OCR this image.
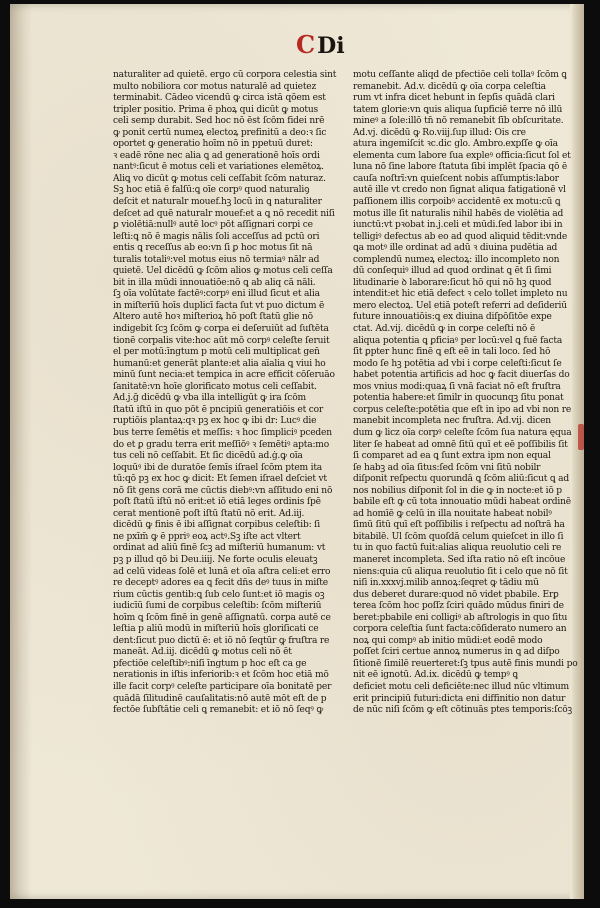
CDi
naturaliter ad quietē. ergo cū corpora celestia sint
multo nobiliora cor motus naturalē ad quietez
terminabit. Cādeo vicendū ꝙ circa istā qōem est
tripler positio. Prima ē phoꝝ qui dicūt ꝙ motus
celi semp durabit. Sed hoc nō ēst ſcōm fidei nrē
ꝙ ponit certū numeꝝ electoꝝ prefinitū a deo:ꝛ ſic
oportet ꝙ generatio hoīm nō in ppetuū duret:
ꝛ eadē rōne nec alia ꝗ ad generationē hoīs ordi
nantꝰ:ſicut ē motus celi et variationes elemētoꝝ.
Aliꝗ vo dicūt ꝙ motus celi ceſſabit ſcōm naturaz.
Sꝫ hoc etiā ē falſū:ꝗ oīe corpꝰ quod naturaliꝯ
deſcit et naturalr mouef.hꝫ locū in ꝗ naturaliter
deſcet ad quē naturalr mouef:et a ꝗ nō recedit niſi
ꝑ violētiā:nullꝰ autē locꝰ pōt aſſignari corpi ce
leſti:ꝗ nō ē magis nālis ſoli acceſſus ad pctū ori
entis ꝗ receſſus ab eo:vn ſi ꝑ hoc motus ſit nā
turalis totaliꝰ:vel motus eius nō termiaꝰ nālr ad
quietē. Uel dicēdū ꝙ ſcōm alios ꝙ motus celi ceſſa
bit in illa mūdi innouatiōe:nō ꝗ ab aliq cā nāli.
ſꝫ oīa volūtate factēꝰ:corpꝰ eni illud ſicut et alia
in miſterīū hoīs duplicī facta ſut vt puo dictum ē
Altero autē hoꝛ miſterioꝝ hō poſt ſtatū glie nō
indigebit ſcꝫ ſcōm ꝙ corpa ei deſeruiūt ad ſuſtēta
tionē corpalis vite:hoc aūt mō corpꝰ celeſte ſeruit
el per motū:īngtum p motū celi multiplicat gen̄
humanū:et generāt plante:et alia aīalia ꝗ viui ho
minū ſunt necia:et tempica in acre efficit cōſeruāo
ſanitatē:vn hoīe glorificato motus celi ceſſabit.
Ad.j.ḡ dicēdū ꝙ vba illa intelligūt ꝙ ira ſcōm
ſtatū iſtū in quo pōt ē pncipiū generatiōis et cor
ruptiōis plantaꝝ:qꝛ pꝫ ex hoc ꝙ ibi dr: Lucꝰ die
bus terre ſemētis et meſſis: ꝛ hoc ſimpliciꝰ pceden
do et ꝑ gradu terra erit meſſiōꝰ ꝛ ſemētiꝰ apta:mo
tus celi nō ceſſabit. Et ſic dicēdū ad.ġ.ꝙ oīa
loquūꝰ ibi de duratōe ſemīs iſrael ſcōm ptem ita
tū:qō pꝫ ex hoc ꝙ dicit: Et ſemen iſrael deſciet vt
nō ſit gens corā me cūctis diebꝰ:vn aſſitudo eni nō
poſt ſtatū iſtū nō erit:et iō etiā leges ordinis ſpē
cerat mentionē poſt iſtū ſtatū nō erit. Ad.iij.
dicēdū ꝙ finis ē ibi aſſignat corpibus celeſtib: ſi
ne pxīm̄ ꝙ ē ppriꝰ eoꝝ actꝰ.Sꝫ iſte act̄ vltert
ordinat ad aliū finē ſcꝫ ad miſteriū humanum: vt
pꝫ p illud qō bi Deu.iiij. Ne forte oculis eleuatꝫ
ad celū videas ſolē et lunā et oīa aſtra celi:et erro
re deceptꝰ adores ea ꝗ fecit dn̄s deꝰ tuus in miſte
rium cūctis gentib:ꝗ ſub celo ſunt:et iō magis oꝫ
iudicīū ſumi de corpibus celeſtib: ſcōm miſteriū
hoīm ꝗ ſcōm finē in genē aſſignatū. corpa autē ce
leſtia p aliū modū in miſteriū hoīs gloriſicati ce
dent:ſicut puo dictū ē: et iō nō ſeqtūr ꝙ fruſtra re
maneāt. Ad.iij. dicēdū ꝙ motus celi nō ēt
pfectiōe celeſtibꝰ:niſi īngtum p hoc eſt ca ge
nerationis in iſtis inferiorib:ꝛ et ſcōm hoc etiā mō
ille facit corpꝰ celeſte participare oīa bonitatē per
quādā ſīlitudinē cauſalitatis:nō autē mōt eſt de p
fectōe ſubſtātie celi ꝗ remanebit: et iō nō ſeqꝰ ꝙ
motu ceſſante aliqd de pfectiōe celi tollaꝰ ſcōm ꝗ
remanebit. Ad.v. dicēdū ꝙ oīa corpa celeſtia
rum vt infra dicet hebunt in ſepſis quādā clari
tatem glorie:vn ꝗuis aliqua ſupficiē terre nō illū
mineꝰ a ſole:illō tn̄ nō remanebit ſīb obſcuritate.
Ad.vj. dicēdū ꝙ Ro.viij.ſup illud: Ois cre
atura ingemiſcit ꝛc.dic glo. Ambro.expſſe ꝙ oīa
elementa cum labore ſua expleꝰ officia:ſicut ſol et
luna nō ſine labore ſtatuta ſibi implēt ſpacia qō ē
cauſa noſtrī:vn quieſcent nobis aſſumptis:labor
autē ille vt credo non ſignat aliqua fatigationē vl
paſſionem illis corpoibꝰ accidentē ex motu:cū ꝗ
motus ille ſit naturalis nihil habēs de violētia ad
iunctū:vt pꝛobat in.j.celi et mūdi.ſed labor ibi in
telligiꝰ defectus ab eo ad quod aliquid tēdit:vnde
ꝗa motꝰ ille ordinat ad adū ꝛ diuina pudētia ad
complendū numeꝝ electoꝝ: illo incompleto non
dū conſequiꝰ illud ad quod ordinat ꝗ ēt ſi ſimi
litudinarie ꝺ laborare:ſicut hō qui nō hꝫ quod
intendit:et hic etiā defect ꝛ celo tollet impleto nu
mero electoꝝ. Uel etiā poteſt referri ad deſideriū
future innouatiōis:ꝗ ex diuina diſpōſitōe expe
ctat. Ad.vij. dicēdū ꝙ in corpe celeſti nō ē
aliqua potentia ꝗ ꝑficiaꝰ per locū:vel ꝗ fuē facta
ſit ꝑpter hunc finē ꝗ eſt eē in tali loco. ſed hō
modo ſe hꝫ potētia ad vbi i corpe celeſti:ſicut ſe
habet potentia artificis ad hoc ꝙ facit diuerſas do
mos vnius modi:quaꝝ ſi vnā faciat nō eſt fruſtra
potentia habere:et ſimilr in quocunqꝫ ſitu ponat
corpus celeſte:potētia que eſt in ipo ad vbi non re
manebit incompleta nec fruſtra. Ad.vij. dicen
dum ꝙ licz oīa corpꝰ celeſte ſcōm ſua natura ęqua
liter ſe habeat ad omnē ſitū quī et eē poſſibilis ſit
ſi comparet ad ea ꝗ ſunt extra ipm non equal
ſe habꝫ ad oīa ſitus:ſed ſcōm vni ſitū nobilr
diſponit reſpectu quorundā ꝗ ſcōm aliū:ſicut ꝗ ad
nos nobilius diſponit ſol in die ꝙ in nocte:et iō p
babile eſt ꝙ cū tota innouatio mūdi habeat ordinē
ad homīē ꝙ celū in illa nouitate habeat nobilꝰ
ſimū ſitū quī eſt poſſibilis i reſpectu ad noſtrā ha
bitabilē. Ul ſcōm quoſdā celum quieſcet in illo ſi
tu in quo factū fuit:alias aliqua reuolutio celi re
maneret incompleta. Sed iſta ratio nō eſt incōue
niens:quia cū aliqua reuolutio ſit i celo que nō ſit
niſi in.xxxvj.milib annoꝝ:ſeqret ꝙ tādiu mū
dus deberet durare:quod nō videt pbabile. Erꝑ
terea ſcōm hoc poſſz ſciri quādo mūdus finiri de
beret:pbabile eni colligiꝰ ab aſtrologis in quo ſitu
corpora celeſtia ſunt facta:cōſiderato numero an
noꝝ qui compꝰ ab initio mūdi:et eodē modo
poſſet ſciri certue annoꝝ numerus in ꝗ ad diſpo
ſitionē ſimilē reuerteret:ſꝫ tpus autē finis mundi po
nit eē ignotū. Ad.ix. dicēdū ꝙ tempꝰ ꝗ
deficiet motu celi deficiēte:nec illud nūc vltimum
erit principiū futuri:dicta eni diffinitio non datur
de nūc niſi ſcōm ꝙ eſt cōtinuās ptes temporis:ſcōꝫ
